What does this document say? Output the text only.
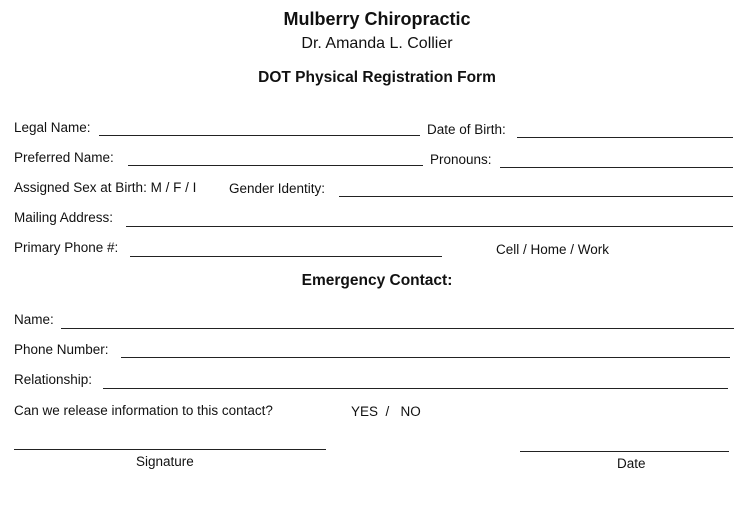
Mulberry Chiropractic
Dr. Amanda L. Collier
DOT Physical Registration Form
Legal Name:	Date of Birth:
Preferred Name:	Pronouns:
Assigned Sex at Birth: M / F / I Gender Identity:
Mailing Address:
Primary Phone #:	Cell / Home / Work
Emergency Contact:
Name:
Phone Number:
Relationship:
Can we release information to this contact?	YES  /   NO
Signature	Date
